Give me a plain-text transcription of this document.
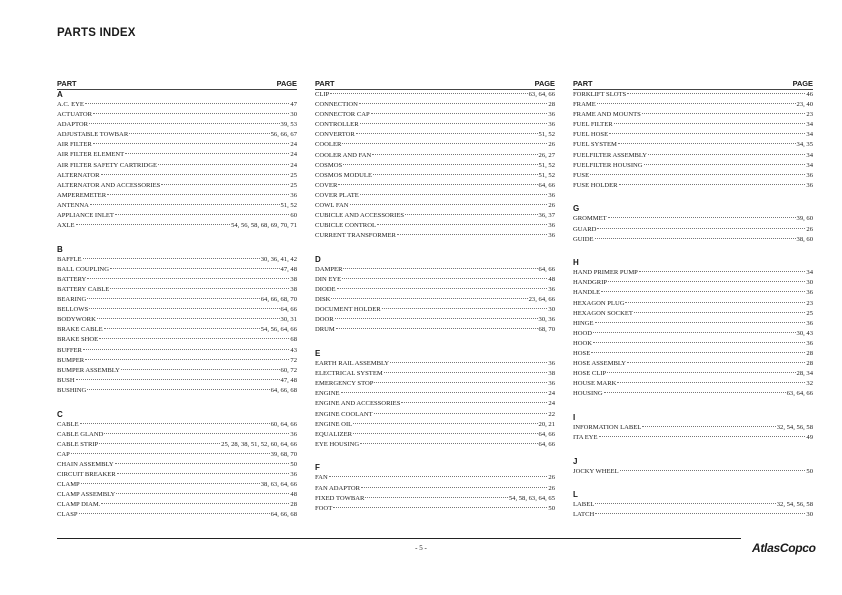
PARTS INDEX
PART	PAGE
A
A.C. EYE	47
ACTUATOR	30
ADAPTOR	39, 53
ADJUSTABLE TOWBAR	56, 66, 67
AIR FILTER	24
AIR FILTER ELEMENT	24
AIR FILTER SAFETY CARTRIDGE	24
ALTERNATOR	25
ALTERNATOR AND ACCESSORIES	25
AMPEREMETER	36
ANTENNA	51, 52
APPLIANCE INLET	60
AXLE	54, 56, 58, 68, 69, 70, 71
B
BAFFLE	30, 36, 41, 42
BALL COUPLING	47, 48
BATTERY	38
BATTERY CABLE	38
BEARING	64, 66, 68, 70
BELLOWS	64, 66
BODYWORK	30, 31
BRAKE CABLE	54, 56, 64, 66
BRAKE SHOE	68
BUFFER	43
BUMPER	72
BUMPER ASSEMBLY	60, 72
BUSH	47, 48
BUSHING	64, 66, 68
C
CABLE	60, 64, 66
CABLE GLAND	36
CABLE STRIP	25, 28, 38, 51, 52, 60, 64, 66
CAP	39, 68, 70
CHAIN ASSEMBLY	50
CIRCUIT BREAKER	36
CLAMP	38, 63, 64, 66
CLAMP ASSEMBLY	48
CLAMP DIAM.	28
CLASP	64, 66, 68
PART	PAGE
CLIP	63, 64, 66
CONNECTION	28
CONNECTOR CAP	36
CONTROLLER	36
CONVERTOR	51, 52
COOLER	26
COOLER AND FAN	26, 27
COSMOS	51, 52
COSMOS MODULE	51, 52
COVER	64, 66
COVER PLATE	36
COWL FAN	26
CUBICLE AND ACCESSORIES	36, 37
CUBICLE CONTROL	36
CURRENT TRANSFORMER	36
D
DAMPER	64, 66
DIN EYE	48
DIODE	36
DISK	23, 64, 66
DOCUMENT HOLDER	30
DOOR	30, 36
DRUM	68, 70
E
EARTH RAIL ASSEMBLY	36
ELECTRICAL SYSTEM	38
EMERGENCY STOP	36
ENGINE	24
ENGINE AND ACCESSORIES	24
ENGINE COOLANT	22
ENGINE OIL	20, 21
EQUALIZER	64, 66
EYE HOUSING	64, 66
F
FAN	26
FAN ADAPTOR	26
FIXED TOWBAR	54, 58, 63, 64, 65
FOOT	50
PART	PAGE
FORKLIFT SLOTS	46
FRAME	23, 40
FRAME AND MOUNTS	23
FUEL FILTER	34
FUEL HOSE	34
FUEL SYSTEM	34, 35
FUELFILTER ASSEMBLY	34
FUELFILTER HOUSING	34
FUSE	36
FUSE HOLDER	36
G
GROMMET	39, 60
GUARD	26
GUIDE	38, 60
H
HAND PRIMER PUMP	34
HANDGRIP	30
HANDLE	36
HEXAGON PLUG	23
HEXAGON SOCKET	25
HINGE	36
HOOD	30, 43
HOOK	36
HOSE	28
HOSE ASSEMBLY	28
HOSE CLIP	28, 34
HOUSE MARK	32
HOUSING	63, 64, 66
I
INFORMATION LABEL	32, 54, 56, 58
ITA EYE	49
J
JOCKY WHEEL	50
L
LABEL	32, 54, 56, 58
LATCH	30
- 5 -	AtlasCopco
